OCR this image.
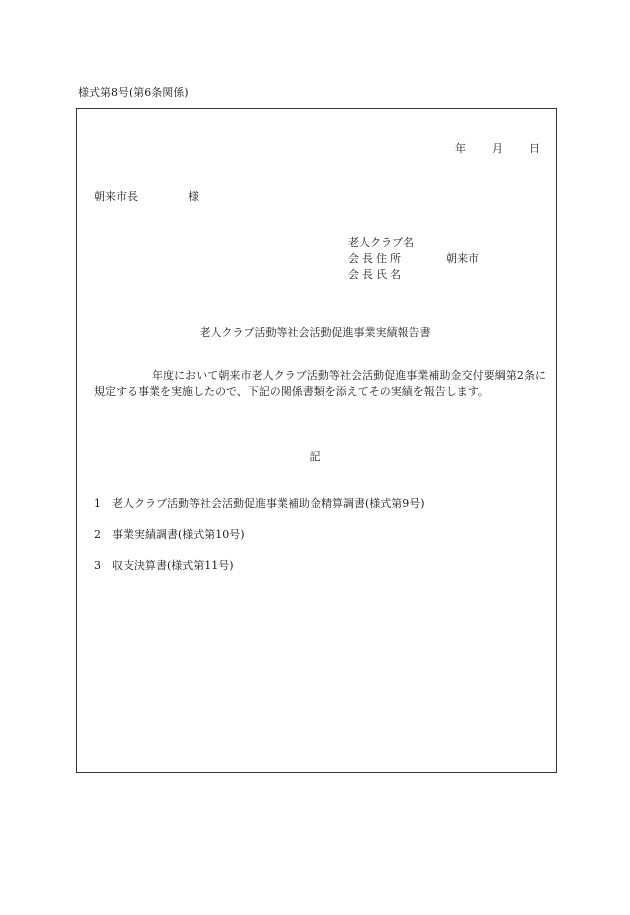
様式第8号(第6条関係)
年 月 日
朝来市長	様
老人クラブ名
会長住所	朝来市
会長氏名
老人クラブ活動等社会活動促進事業実績報告書
年度において朝来市老人クラブ活動等社会活動促進事業補助金交付要綱第2条に規定する事業を実施したので、下記の関係書類を添えてその実績を報告します。
記
1 老人クラブ活動等社会活動促進事業補助金精算調書(様式第9号)
2 事業実績調書(様式第10号)
3 収支決算書(様式第11号)
